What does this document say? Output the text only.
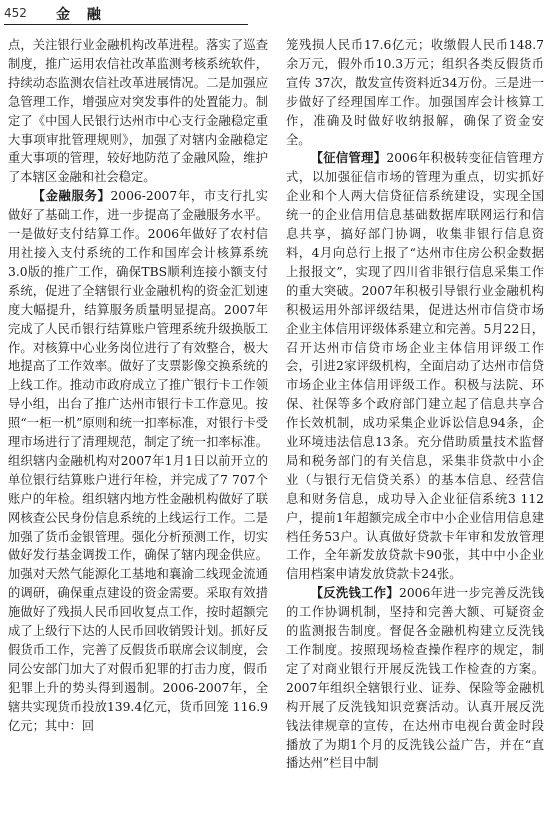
452 金 融

点，关注银行业金融机构改革进程。落实了巡查制度，推广运用农信社改革监测考核系统软件，持续动态监测农信社改革进展情况。二是加强应急管理工作，增强应对突发事件的处置能力。制定了《中国人民银行达州市中心支行金融稳定重大事项审批管理规则》，加强了对辖内金融稳定重大事项的管理，较好地防范了金融风险，维护了本辖区金融和社会稳定。

【金融服务】2006-2007年，市支行扎实做好了基础工作，进一步提高了金融服务水平。一是做好支付结算工作。2006年做好了农村信用社接入支付系统的工作和国库会计核算系统3.0版的推广工作，确保TBS顺利连接小额支付系统，促进了全辖银行业金融机构的资金汇划速度大幅提升，结算服务质量明显提高。2007年完成了人民币银行结算账户管理系统升级换版工作。对核算中心业务岗位进行了有效整合，极大地提高了工作效率。做好了支票影像交换系统的上线工作。推动市政府成立了推广银行卡工作领导小组，出台了推广达州市银行卡工作意见。按照“一柜一机”原则和统一扣率标准，对银行卡受理市场进行了清理规范，制定了统一扣率标准。组织辖内金融机构对2007年1月1日以前开立的单位银行结算账户进行年检，并完成了7 707个账户的年检。组织辖内地方性金融机构做好了联网核查公民身份信息系统的上线运行工作。二是加强了货币金银管理。强化分析预测工作，切实做好发行基金调拨工作，确保了辖内现金供应。加强对天然气能源化工基地和襄渝二线现金流通的调研，确保重点建设的资金需要。采取有效措施做好了残损人民币回收复点工作，按时超额完成了上级行下达的人民币回收销毁计划。抓好反假货币工作，完善了反假货币联席会议制度，会同公安部门加大了对假币犯罪的打击力度，假币犯罪上升的势头得到遏制。2006-2007年，全辖共实现货币投放139.4亿元，货币回笼 116.9亿元；其中：回

笼残损人民币17.6亿元；收缴假人民币148.7余万元，假外币10.3万元；组织各类反假货币宣传 37次，散发宣传资料近34万份。三是进一步做好了经理国库工作。加强国库会计核算工作，准确及时做好收纳报解，确保了资金安全。

【征信管理】2006年积极转变征信管理方式，以加强征信市场的管理为重点，切实抓好企业和个人两大信贷征信系统建设，实现全国统一的企业信用信息基础数据库联网运行和信息共享，搞好部门协调，收集非银行信息资料，4月向总行上报了“达州市住房公积金数据上报报文”，实现了四川省非银行信息采集工作的重大突破。2007年积极引导银行业金融机构积极运用外部评级结果，促进达州市信贷市场企业主体信用评级体系建立和完善。5月22日，召开达州市信贷市场企业主体信用评级工作会，引进2家评级机构，全面启动了达州市信贷市场企业主体信用评级工作。积极与法院、环保、社保等多个政府部门建立起了信息共享合作长效机制，成功采集企业诉讼信息94条，企业环境违法信息13条。充分借助质量技术监督局和税务部门的有关信息，采集非贷款中小企业（与银行无信贷关系）的基本信息、经营信息和财务信息，成功导入企业征信系统3 112户，提前1年超额完成全市中小企业信用信息建档任务53户。认真做好贷款卡年审和发放管理工作，全年新发放贷款卡90张，其中中小企业信用档案申请发放贷款卡24张。

【反洗钱工作】2006年进一步完善反洗钱的工作协调机制，坚持和完善大额、可疑资金的监测报告制度。督促各金融机构建立反洗钱工作制度。按照现场检查操作程序的规定，制定了对商业银行开展反洗钱工作检查的方案。2007年组织全辖银行业、证券、保险等金融机构开展了反洗钱知识竞赛活动。认真开展反洗钱法律规章的宣传，在达州市电视台黄金时段播放了为期1个月的反洗钱公益广告，并在“直播达州”栏目中制
